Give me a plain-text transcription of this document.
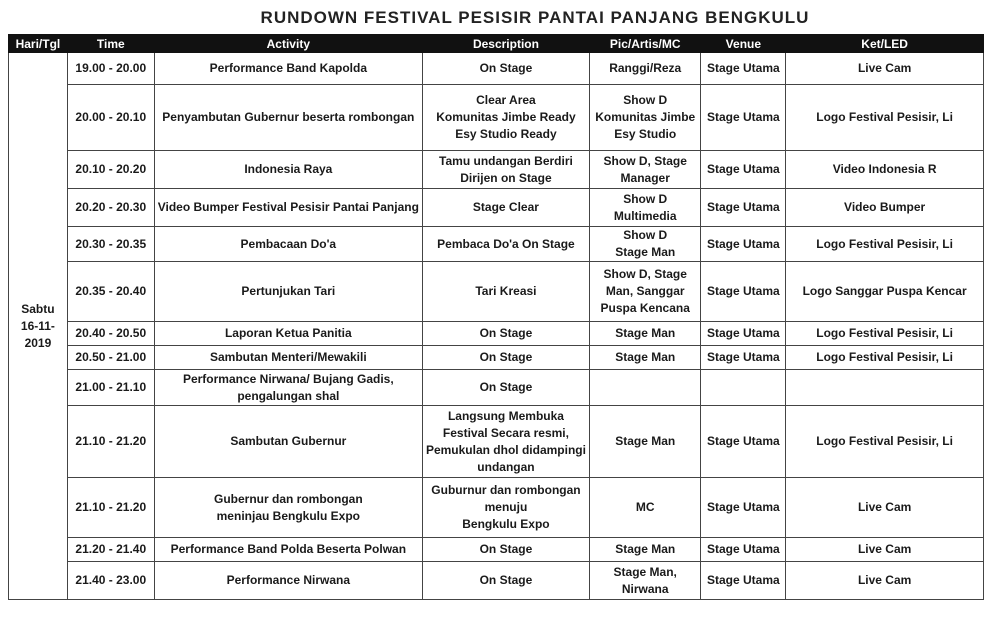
RUNDOWN FESTIVAL PESISIR PANTAI PANJANG BENGKULU
Hari/Tgl	Time	Activity	Description	Pic/Artis/MC	Venue	Ket/LED

Sabtu
16-11-2019	19.00 - 20.00	Performance Band Kapolda	On Stage	Ranggi/Reza	Stage Utama	Live Cam
	20.00 - 20.10	Penyambutan Gubernur beserta rombongan	Clear Area
Komunitas Jimbe Ready
Esy Studio Ready	Show D
Komunitas Jimbe
Esy Studio	Stage Utama	Logo Festival Pesisir, Li
	20.10 - 20.20	Indonesia Raya	Tamu undangan Berdiri
Dirijen on Stage	Show D, Stage
Manager	Stage Utama	Video Indonesia R
	20.20 - 20.30	Video Bumper Festival Pesisir Pantai Panjang	Stage Clear	Show D
Multimedia	Stage Utama	Video Bumper
	20.30 - 20.35	Pembacaan Do'a	Pembaca Do'a On Stage	Show D
Stage Man	Stage Utama	Logo Festival Pesisir, Li
	20.35 - 20.40	Pertunjukan Tari	Tari Kreasi	Show D, Stage
Man, Sanggar
Puspa Kencana	Stage Utama	Logo Sanggar Puspa Kencar
	20.40 - 20.50	Laporan Ketua Panitia	On Stage	Stage Man	Stage Utama	Logo Festival Pesisir, Li
	20.50 - 21.00	Sambutan Menteri/Mewakili	On Stage	Stage Man	Stage Utama	Logo Festival Pesisir, Li
	21.00 - 21.10	Performance Nirwana/ Bujang Gadis,
pengalungan shal	On Stage			

	21.10 - 21.20	Sambutan Gubernur	Langsung Membuka
Festival Secara resmi,
Pemukulan dhol didampingi
undangan	Stage Man	Stage Utama	Logo Festival Pesisir, Li
	21.10 - 21.20	Gubernur dan rombongan
meninjau Bengkulu Expo	Guburnur dan rombongan
menuju
Bengkulu Expo	MC	Stage Utama	Live Cam
	21.20 - 21.40	Performance Band Polda Beserta Polwan	On Stage	Stage Man	Stage Utama	Live Cam
	21.40 - 23.00	Performance Nirwana	On Stage	Stage Man,
Nirwana	Stage Utama	Live Cam
